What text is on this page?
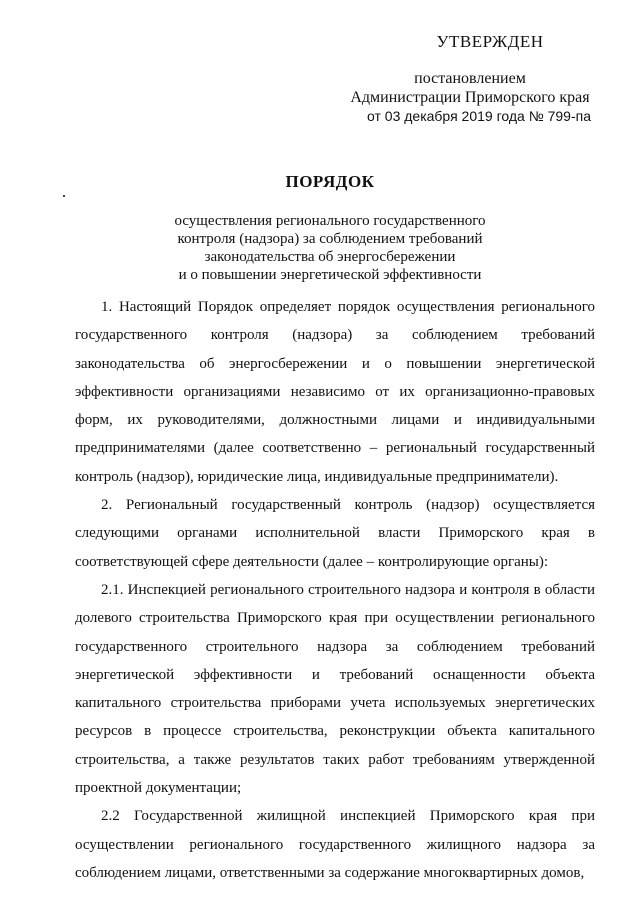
УТВЕРЖДЕН
постановлением
Администрации Приморского края
от 03 декабря 2019 года № 799-па
ПОРЯДОК
осуществления регионального государственного
контроля (надзора) за соблюдением требований
законодательства об энергосбережении
и о повышении энергетической эффективности

1. Настоящий Порядок определяет порядок осуществления регионального государственного контроля (надзора) за соблюдением требований законодательства об энергосбережении и о повышении энергетической эффективности организациями независимо от их организационно-правовых форм, их руководителями, должностными лицами и индивидуальными предпринимателями (далее соответственно – региональный государственный контроль (надзор), юридические лица, индивидуальные предприниматели).

2. Региональный государственный контроль (надзор) осуществляется следующими органами исполнительной власти Приморского края в соответствующей сфере деятельности (далее – контролирующие органы):

2.1. Инспекцией регионального строительного надзора и контроля в области долевого строительства Приморского края при осуществлении регионального государственного строительного надзора за соблюдением требований энергетической эффективности и требований оснащенности объекта капитального строительства приборами учета используемых энергетических ресурсов в процессе строительства, реконструкции объекта капитального строительства, а также результатов таких работ требованиям утвержденной проектной документации;

2.2 Государственной жилищной инспекцией Приморского края при осуществлении регионального государственного жилищного надзора за соблюдением лицами, ответственными за содержание многоквартирных домов,
